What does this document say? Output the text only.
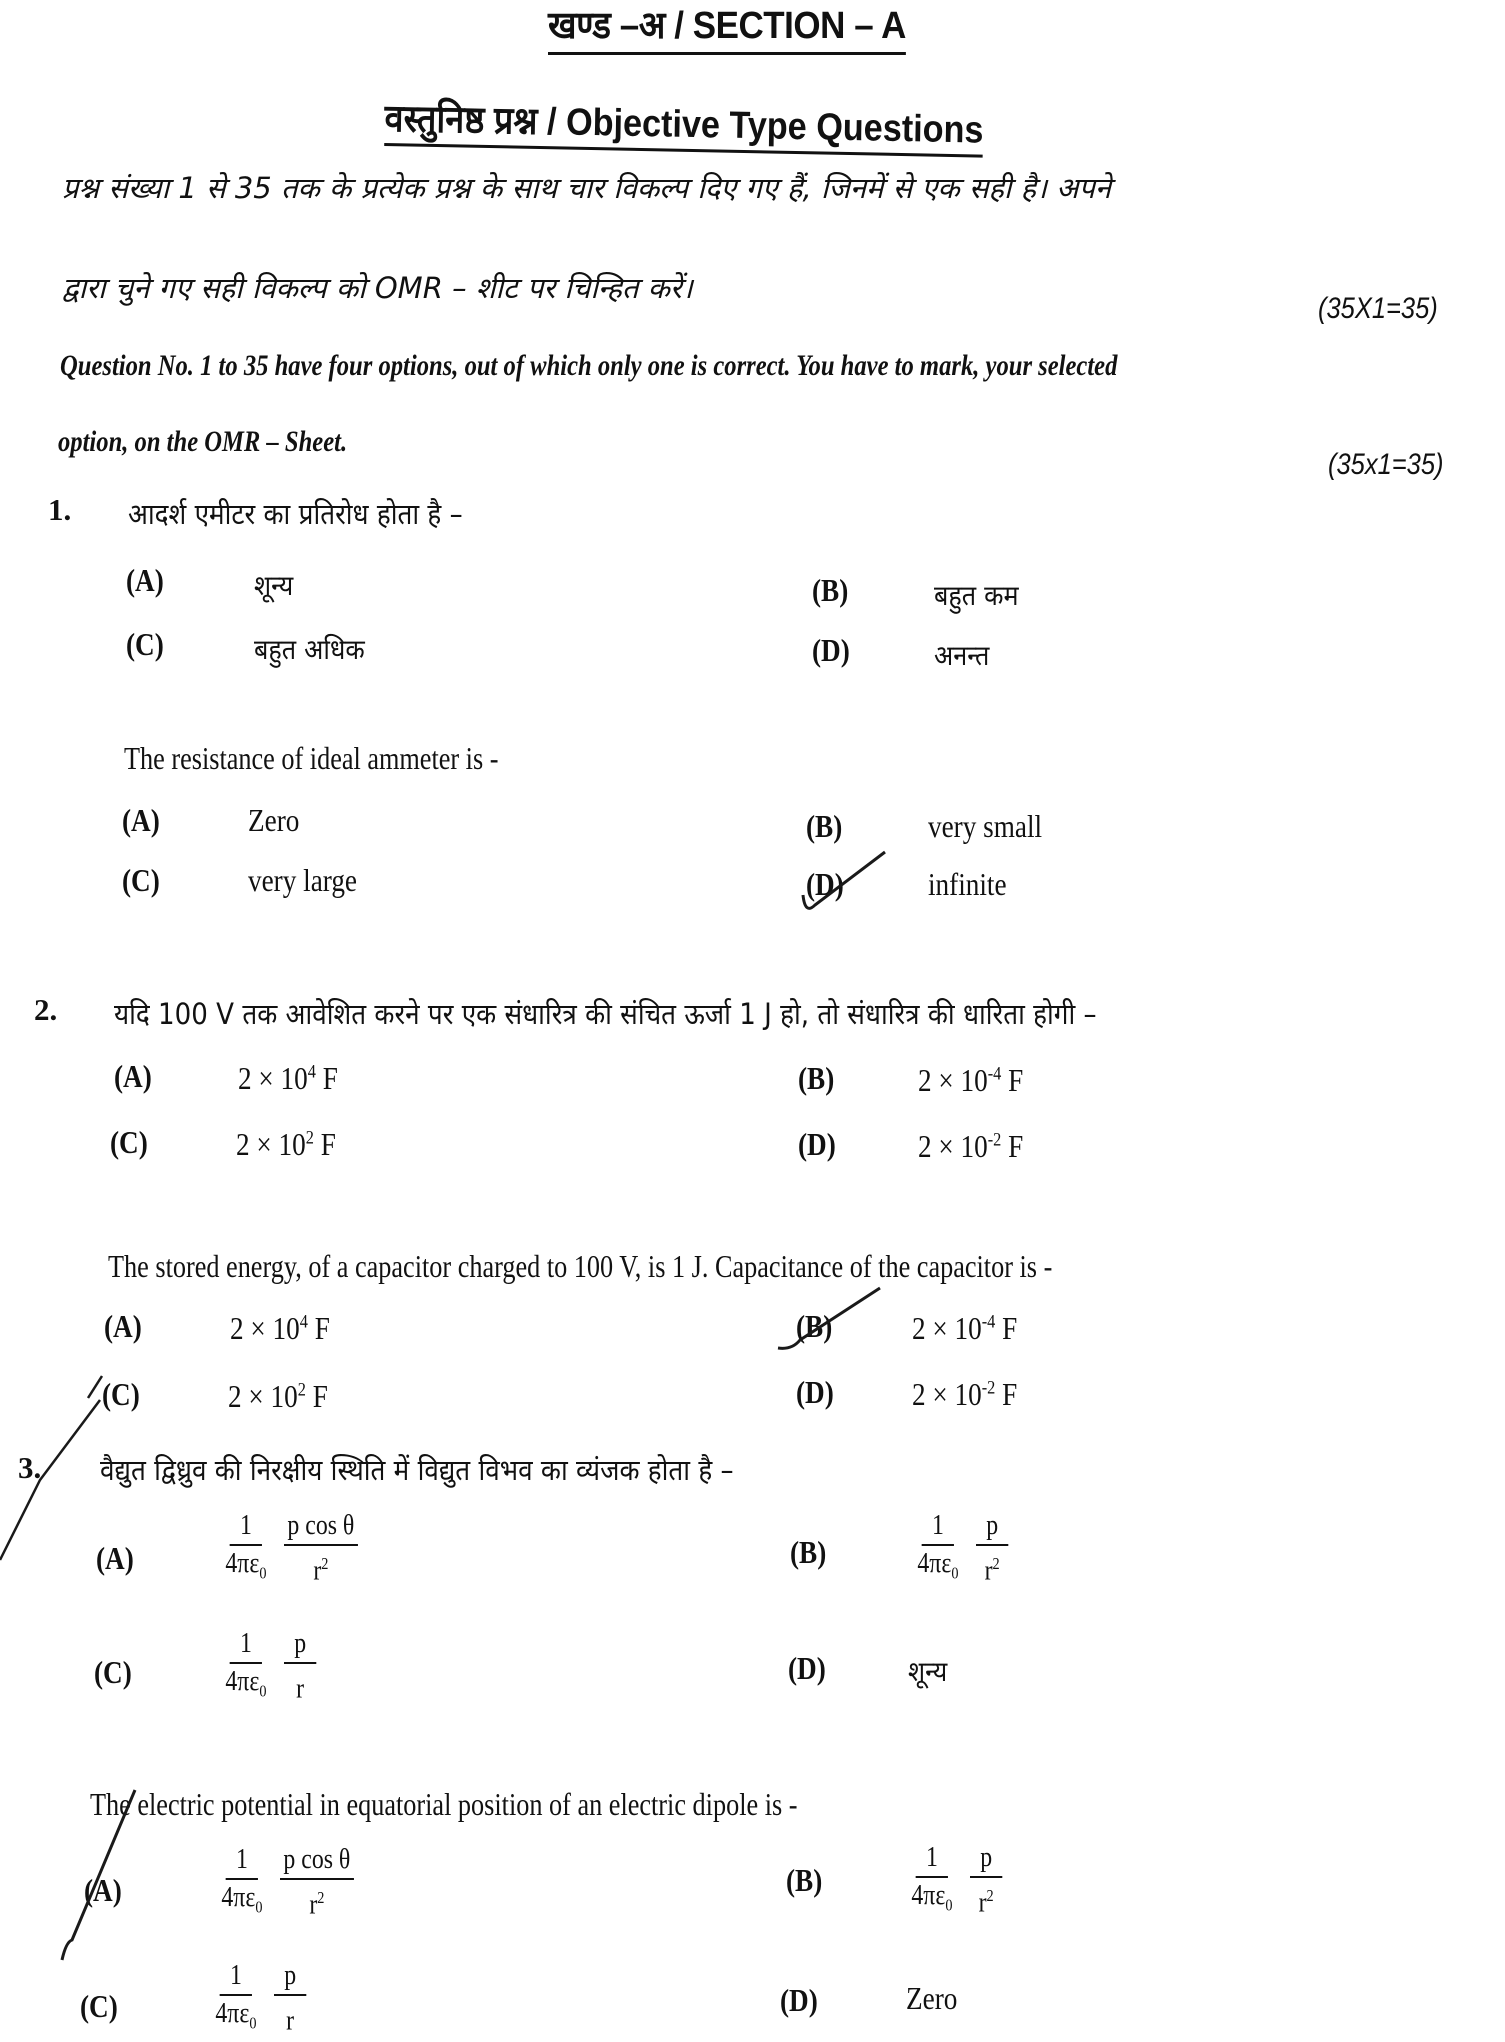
खण्ड –अ / SECTION – A
वस्तुनिष्ठ प्रश्न / Objective Type Questions
प्रश्न संख्या 1 से 35 तक के प्रत्येक प्रश्न के साथ चार विकल्प दिए गए हैं, जिनमें से एक सही है। अपने
द्वारा चुने गए सही विकल्प को OMR – शीट पर चिन्हित करें।
(35X1=35)
Question No. 1 to 35 have four options, out of which only one is correct. You have to mark, your selected
option, on the OMR – Sheet.
(35x1=35)
1. आदर्श एमीटर का प्रतिरोध होता है –
(A)	शून्य	(B)	बहुत कम
(C)	बहुत अधिक	(D)	अनन्त
The resistance of ideal ammeter is -
(A)	Zero	(B)	very small
(C)	very large	(D)	infinite
2. यदि 100 V तक आवेशित करने पर एक संधारित्र की संचित ऊर्जा 1 J हो, तो संधारित्र की धारिता होगी –
(A)	$2 \times 10^4$ F	(B)	$2 \times 10^{-4}$ F
(C)	$2 \times 10^2$ F	(D)	$2 \times 10^{-2}$ F
The stored energy, of a capacitor charged to 100 V, is 1 J. Capacitance of the capacitor is -
(A)	$2 \times 10^4$ F	(B) $2 \times 10^{-4}$ F
(C)	$2 \times 10^2$ F	(D) $2 \times 10^{-2}$ F
3. वैद्युत द्विध्रुव की निरक्षीय स्थिति में विद्युत विभव का व्यंजक होता है –
(A)	$\frac{1}{4\pi\varepsilon_0} \frac{\text{p cos θ}}{r^2}$	(B)	$\frac{1}{4\pi\varepsilon_0} \frac{p}{r^2}$
(C)	$\frac{1}{4\pi\varepsilon_0} \frac{p}{r}$	(D)	शून्य
The electric potential in equatorial position of an electric dipole is -
(A)	$\frac{1}{4\pi\varepsilon_0} \frac{\text{p cos θ}}{r^2}$	(B)	$\frac{1}{4\pi\varepsilon_0} \frac{p}{r^2}$
(C)	$\frac{1}{4\pi\varepsilon_0} \frac{p}{r}$	(D)	Zero
